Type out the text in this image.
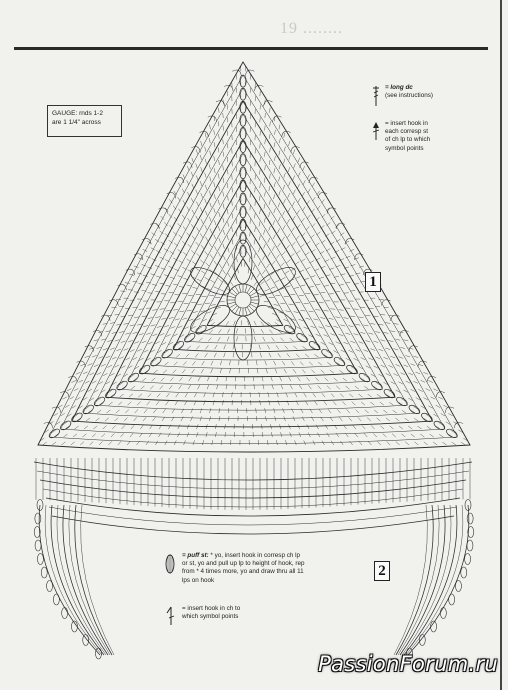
19 ........
GAUGE: rnds 1-2
are 1 1/4" across
= long dc
(see instructions)
= insert hook in
each corresp st
of ch lp to which
symbol points
1
2
= puff st: * yo, insert hook in corresp ch lp
or st, yo and pull up lp to height of hook, rep
from * 4 times more, yo and draw thru all 11
lps on hook
= insert hook in ch to
which symbol points
PassionForum.ru
